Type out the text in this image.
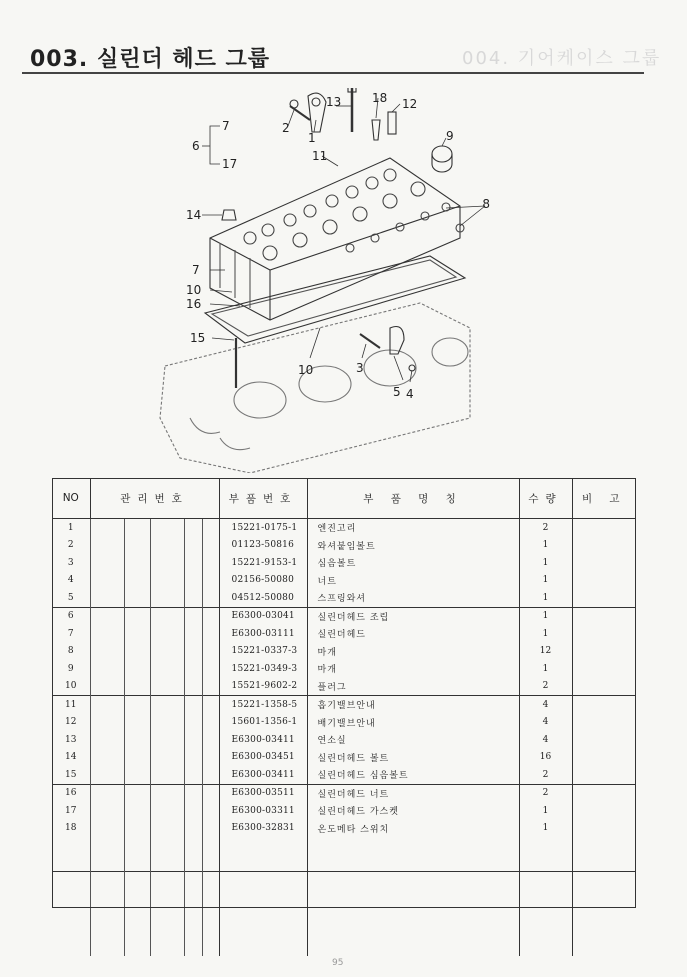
003. 실린더 헤드 그룹	004. 기어케이스 그룹
7
6
17
14
7
10
16
15
2
1
13	18 12
9
8
11
10	3
5 4
NO	관리번호					부품번호	부 품 명 칭	수량	비 고
1						15221-0175-1	엔진고리	2	
2						01123-50816	와셔붙임볼트	1	
3						15221-9153-1	심음볼트	1	
4						02156-50080	너트	1	
5						04512-50080	스프링와셔	1	
6						E6300-03041	실린더헤드 조립	1	
7						E6300-03111	실린더헤드	1	
8						15221-0337-3	마개	12	
9						15221-0349-3	마개	1	
10						15521-9602-2	플러그	2	
11						15221-1358-5	흡기밸브안내	4	
12						15601-1356-1	배기밸브안내	4	
13						E6300-03411	연소실	4	
14						E6300-03451	실린더헤드 볼트	16	
15						E6300-03411	실린더헤드 심음볼트	2	
16						E6300-03511	실린더헤드 너트	2	
17						E6300-03311	실린더헤드 가스켓	1	
18						E6300-32831	온도메타 스위치	1	

95
